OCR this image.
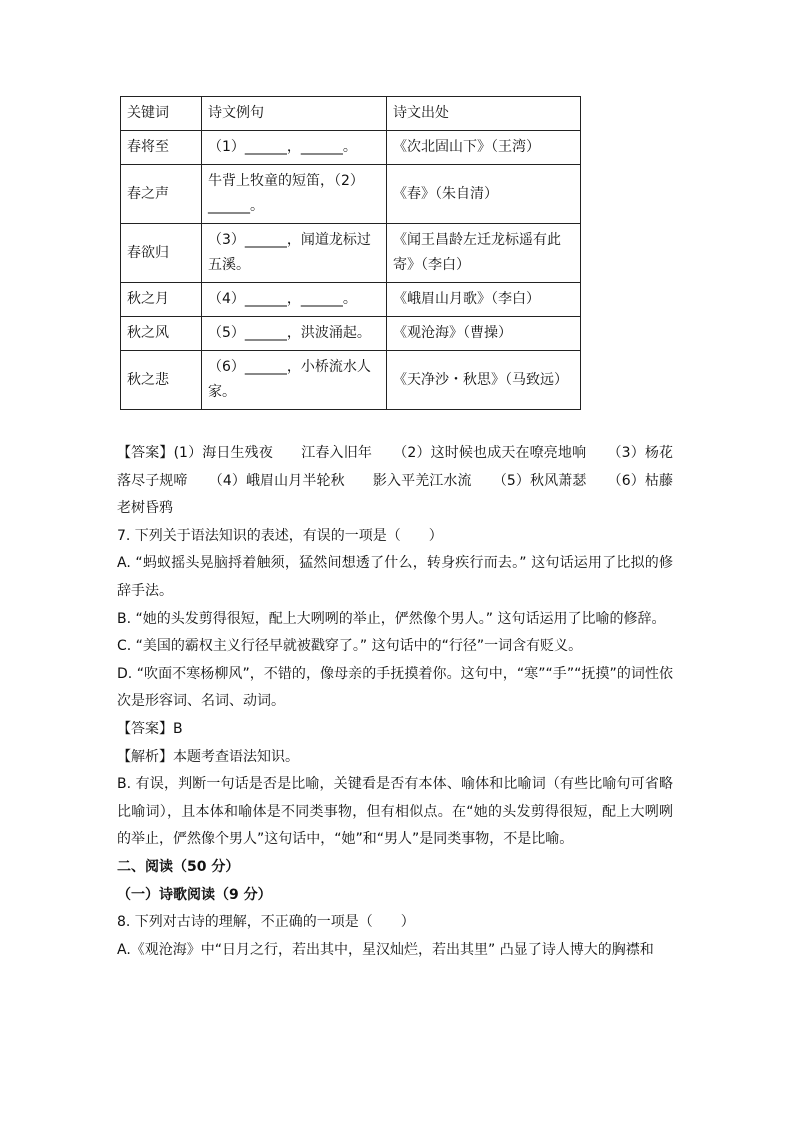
关键词	诗文例句	诗文出处
春将至	（1）______，______。	《次北固山下》（王湾）
春之声	牛背上牧童的短笛，（2）______。	《春》（朱自清）
春欲归	（3）______，闻道龙标过五溪。	《闻王昌龄左迁龙标遥有此寄》（李白）
秋之月	（4）______，______。	《峨眉山月歌》（李白）
秋之风	（5）______，洪波涌起。	《观沧海》（曹操）
秋之悲	（6）______，小桥流水人家。	《天净沙・秋思》（马致远）

【答案】(1）海日生残夜　　江春入旧年　　（2）这时候也成天在嘹亮地响　　（3）杨花落尽子规啼　　（4）峨眉山月半轮秋　　影入平羌江水流　　（5）秋风萧瑟　　（6）枯藤老树昏鸦

7. 下列关于语法知识的表述，有误的一项是（　　）

A. “蚂蚁摇头晃脑捋着触须，猛然间想透了什么，转身疾行而去。” 这句话运用了比拟的修辞手法。

B. “她的头发剪得很短，配上大咧咧的举止，俨然像个男人。” 这句话运用了比喻的修辞。

C. “美国的霸权主义行径早就被戳穿了。” 这句话中的“行径”一词含有贬义。

D. “吹面不寒杨柳风”，不错的，像母亲的手抚摸着你。这句中，“寒”“手”“抚摸”的词性依次是形容词、名词、动词。

【答案】B

【解析】本题考查语法知识。

B. 有误，判断一句话是否是比喻，关键看是否有本体、喻体和比喻词（有些比喻句可省略比喻词），且本体和喻体是不同类事物，但有相似点。在“她的头发剪得很短，配上大咧咧的举止，俨然像个男人”这句话中，“她”和“男人”是同类事物，不是比喻。

二、阅读（50 分）

（一）诗歌阅读（9 分）

8. 下列对古诗的理解，不正确的一项是（　　）

A.《观沧海》中“日月之行，若出其中，星汉灿烂，若出其里” 凸显了诗人博大的胸襟和
